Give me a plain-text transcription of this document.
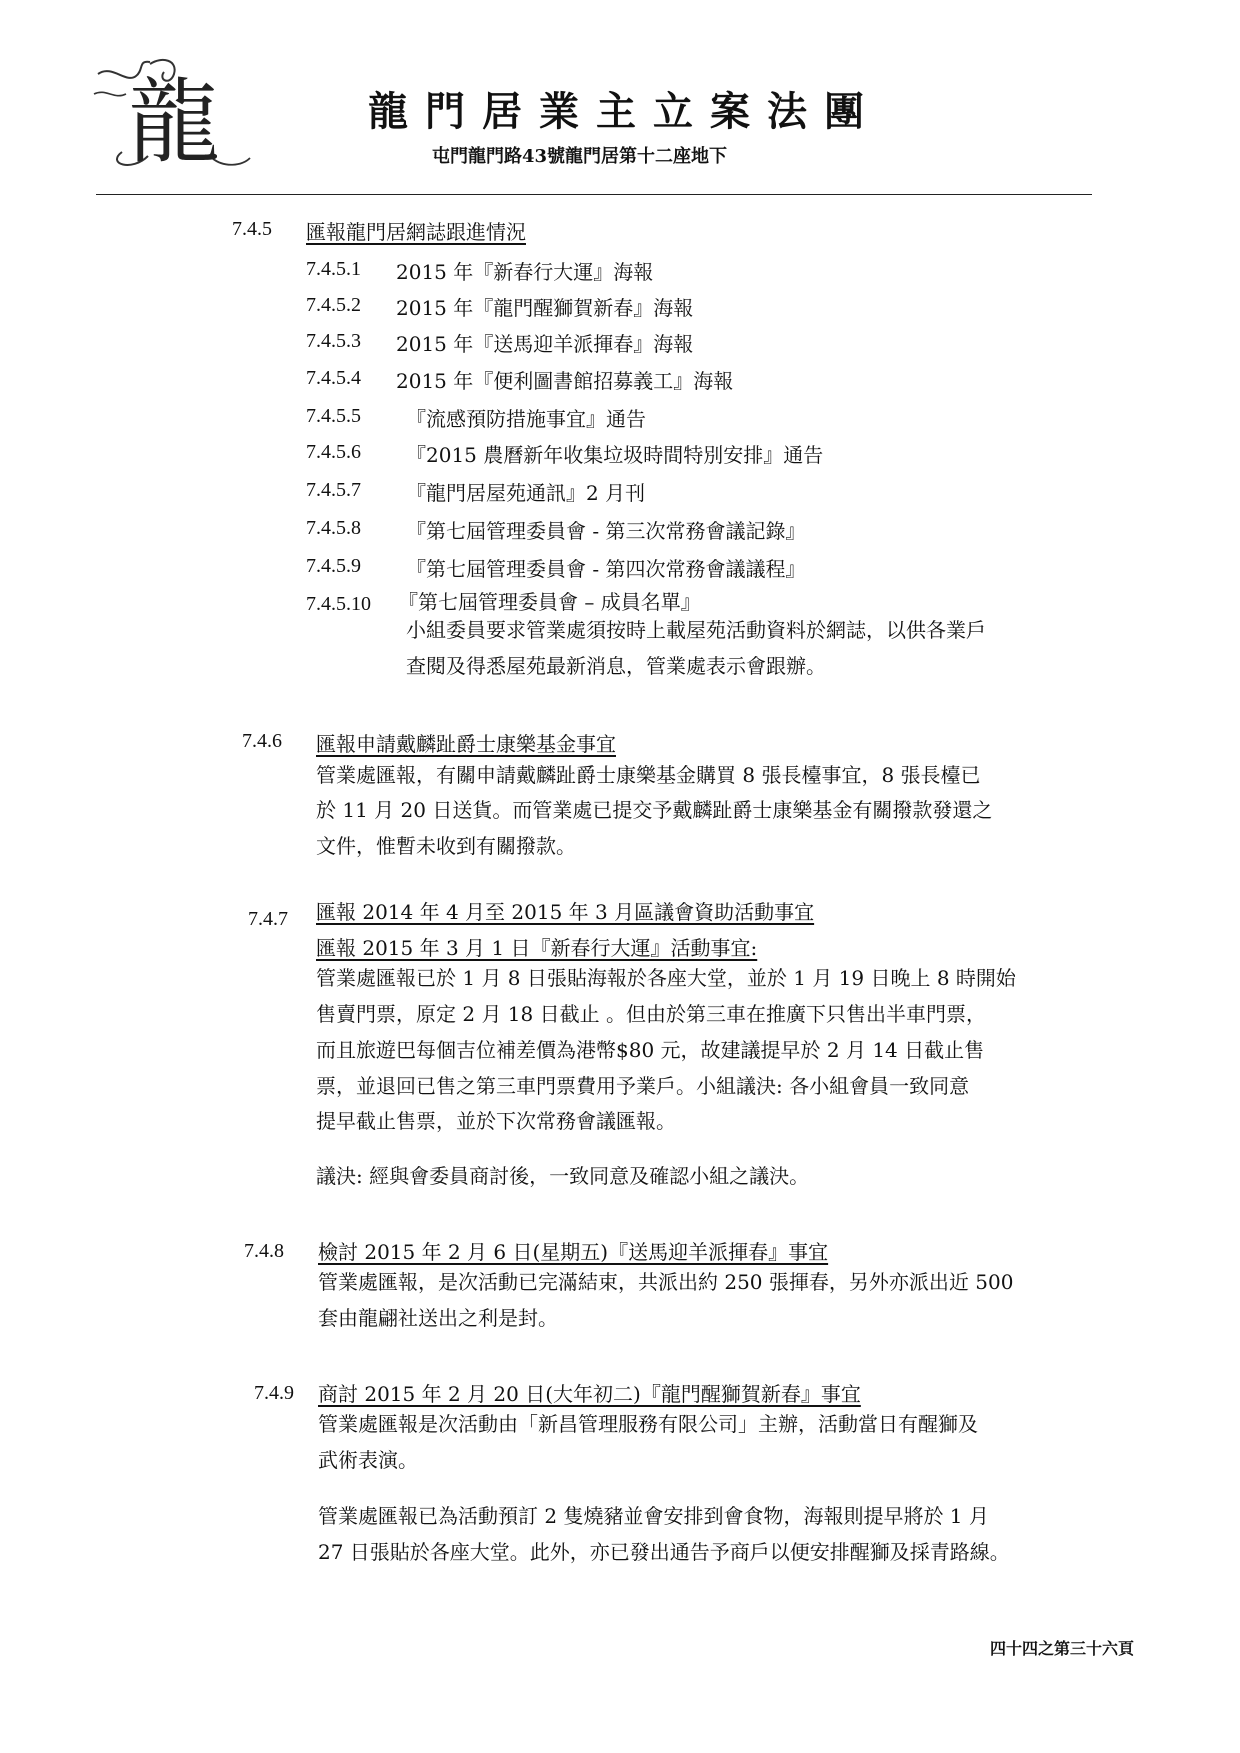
龍	龍門居業主立案法團
屯門龍門路43號龍門居第十二座地下
7.4.5 匯報龍門居網誌跟進情況
7.4.5.1 2015 年『新春行大運』海報
7.4.5.2 2015 年『龍門醒獅賀新春』海報
7.4.5.3 2015 年『送馬迎羊派揮春』海報
7.4.5.4 2015 年『便利圖書館招募義工』海報
7.4.5.5 『流感預防措施事宜』通告
7.4.5.6 『2015 農曆新年收集垃圾時間特別安排』通告
7.4.5.7 『龍門居屋苑通訊』2 月刊
7.4.5.8 『第七屆管理委員會 - 第三次常務會議記錄』
7.4.5.9 『第七屆管理委員會 - 第四次常務會議議程』
7.4.5.10 『第七屆管理委員會 – 成員名單』
小組委員要求管業處須按時上載屋苑活動資料於網誌，以供各業戶
查閱及得悉屋苑最新消息，管業處表示會跟辦。
7.4.6 匯報申請戴麟趾爵士康樂基金事宜
管業處匯報，有關申請戴麟趾爵士康樂基金購買 8 張長檯事宜，8 張長檯已
於 11 月 20 日送貨。而管業處已提交予戴麟趾爵士康樂基金有關撥款發還之
文件，惟暫未收到有關撥款。
7.4.7 匯報 2014 年 4 月至 2015 年 3 月區議會資助活動事宜
匯報 2015 年 3 月 1 日『新春行大運』活動事宜:
管業處匯報已於 1 月 8 日張貼海報於各座大堂，並於 1 月 19 日晚上 8 時開始
售賣門票，原定 2 月 18 日截止 。但由於第三車在推廣下只售出半車門票，
而且旅遊巴每個吉位補差價為港幣$80 元，故建議提早於 2 月 14 日截止售
票，並退回已售之第三車門票費用予業戶。小組議決: 各小組會員一致同意
提早截止售票，並於下次常務會議匯報。
議決: 經與會委員商討後，一致同意及確認小組之議決。
7.4.8 檢討 2015 年 2 月 6 日(星期五)『送馬迎羊派揮春』事宜
管業處匯報，是次活動已完滿結束，共派出約 250 張揮春，另外亦派出近 500
套由龍翩社送出之利是封。
7.4.9 商討 2015 年 2 月 20 日(大年初二)『龍門醒獅賀新春』事宜
管業處匯報是次活動由「新昌管理服務有限公司」主辦，活動當日有醒獅及
武術表演。
管業處匯報已為活動預訂 2 隻燒豬並會安排到會食物，海報則提早將於 1 月
27 日張貼於各座大堂。此外，亦已發出通告予商戶以便安排醒獅及採青路線。
四十四之第三十六頁
